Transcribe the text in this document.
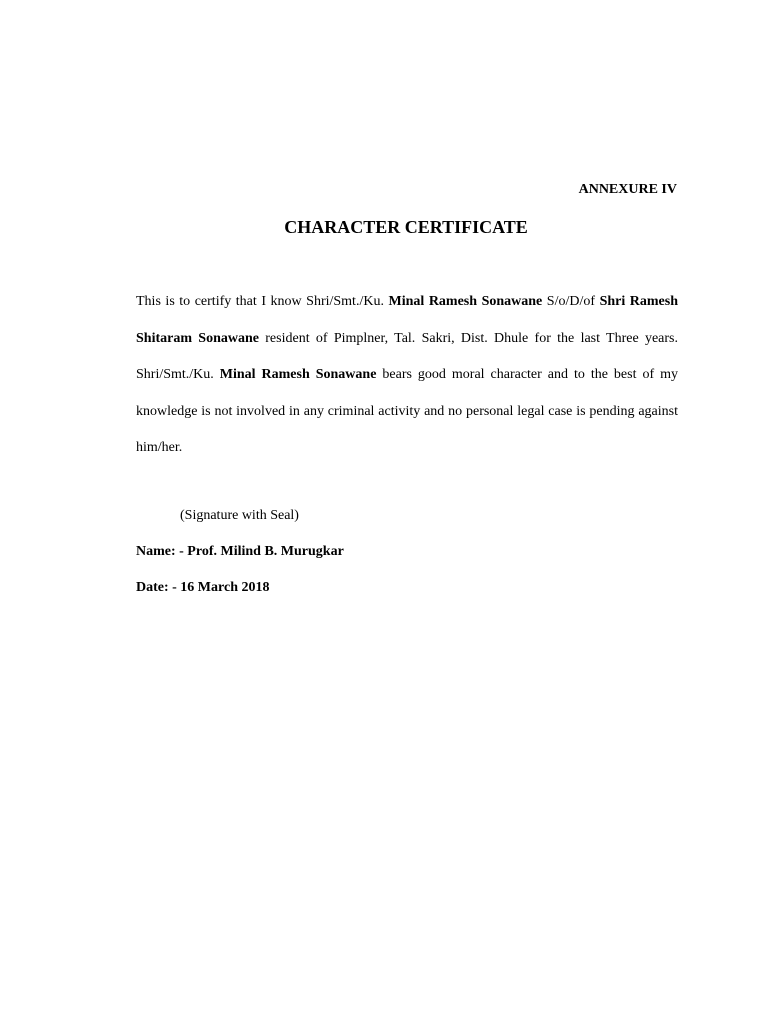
ANNEXURE IV
CHARACTER CERTIFICATE

This is to certify that I know Shri/Smt./Ku. Minal Ramesh Sonawane S/o/D/of Shri Ramesh Shitaram Sonawane resident of Pimplner, Tal. Sakri, Dist. Dhule for the last Three years. Shri/Smt./Ku. Minal Ramesh Sonawane bears good moral character and to the best of my knowledge is not involved in any criminal activity and no personal legal case is pending against him/her.

(Signature with Seal)
Name: - Prof. Milind B. Murugkar
Date: - 16 March 2018
